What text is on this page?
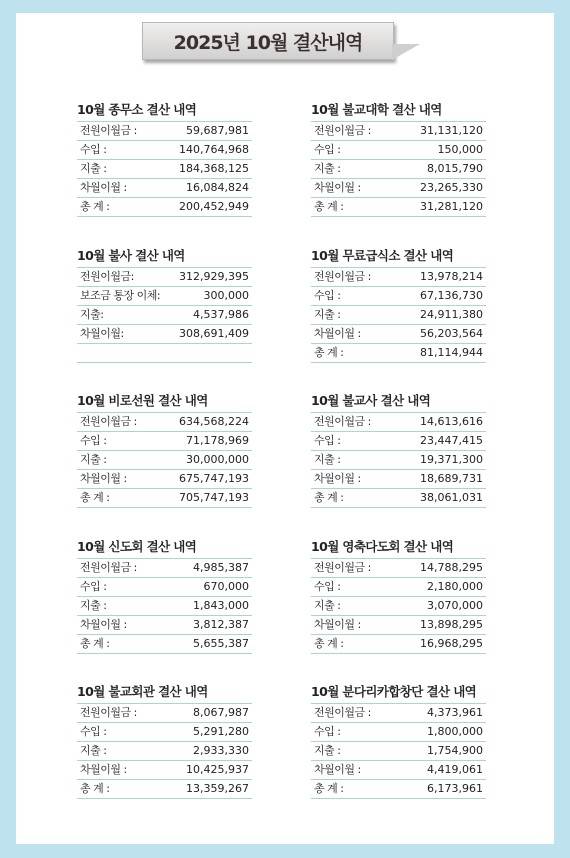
2025년 10월 결산내역
10월 종무소 결산 내역
전원이월금 :	59,687,981
수입 :	140,764,968
지출 :	184,368,125
차월이월 :	16,084,824
총 계 :	200,452,949
10월 불사 결산 내역
전원이월금:	312,929,395
보조금 통장 이체:	300,000
지출:	4,537,986
차월이월:	308,691,409
10월 비로선원 결산 내역
전원이월금 :	634,568,224
수입 :	71,178,969
지출 :	30,000,000
차월이월 :	675,747,193
총 계 :	705,747,193
10월 신도회 결산 내역
전원이월금 :	4,985,387
수입 :	670,000
지출 :	1,843,000
차월이월 :	3,812,387
총 계 :	5,655,387
10월 불교회관 결산 내역
전원이월금 :	8,067,987
수입 :	5,291,280
지출 :	2,933,330
차월이월 :	10,425,937
총 계 :	13,359,267
10월 불교대학 결산 내역
전원이월금 :	31,131,120
수입 :	150,000
지출 :	8,015,790
차월이월 :	23,265,330
총 계 :	31,281,120
10월 무료급식소 결산 내역
전원이월금 :	13,978,214
수입 :	67,136,730
지출 :	24,911,380
차월이월 :	56,203,564
총 계 :	81,114,944
10월 불교사 결산 내역
전원이월금 :	14,613,616
수입 :	23,447,415
지출 :	19,371,300
차월이월 :	18,689,731
총 계 :	38,061,031
10월 영축다도회 결산 내역
전원이월금 :	14,788,295
수입 :	2,180,000
지출 :	3,070,000
차월이월 :	13,898,295
총 계 :	16,968,295
10월 분다리카합창단 결산 내역
전원이월금 :	4,373,961
수입 :	1,800,000
지출 :	1,754,900
차월이월 :	4,419,061
총 계 :	6,173,961
